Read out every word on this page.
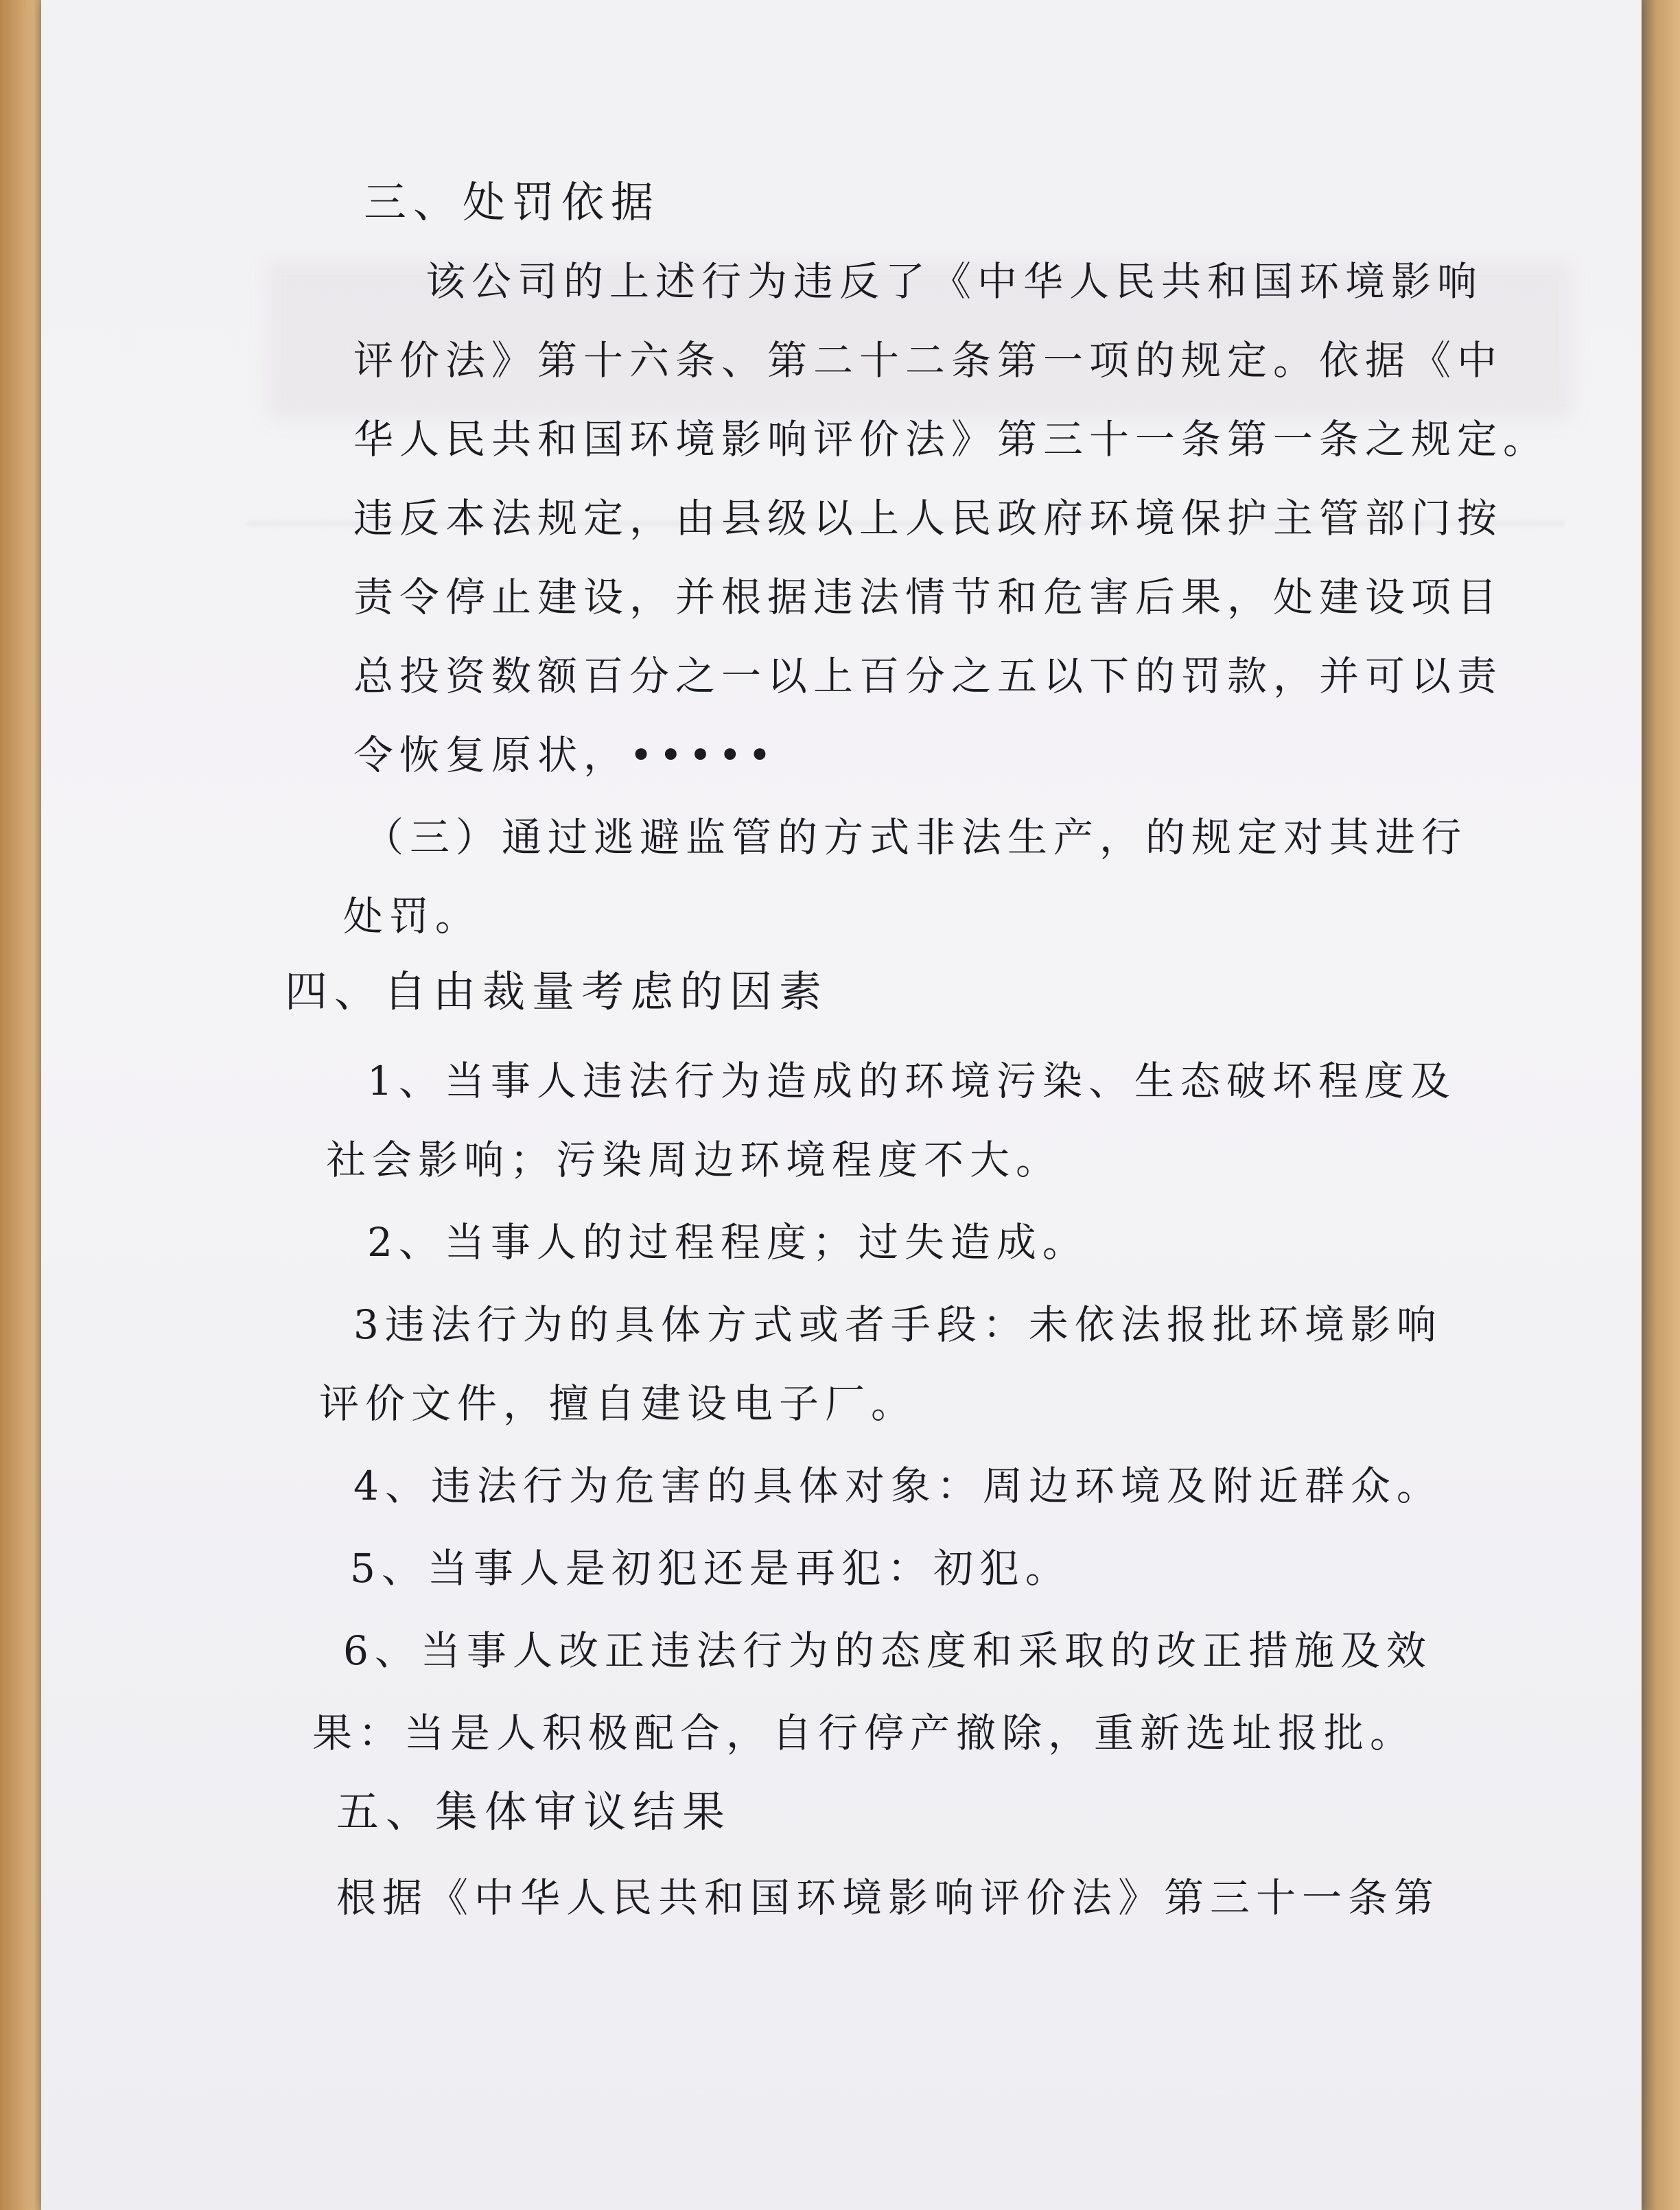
三、处罚依据
该公司的上述行为违反了《中华人民共和国环境影响
评价法》第十六条、第二十二条第一项的规定。依据《中
华人民共和国环境影响评价法》第三十一条第一条之规定。
违反本法规定，由县级以上人民政府环境保护主管部门按
责令停止建设，并根据违法情节和危害后果，处建设项目
总投资数额百分之一以上百分之五以下的罚款，并可以责
令恢复原状，•••••
（三）通过逃避监管的方式非法生产，的规定对其进行
处罚。
四、自由裁量考虑的因素
1、当事人违法行为造成的环境污染、生态破坏程度及
社会影响；污染周边环境程度不大。
2、当事人的过程程度；过失造成。
3违法行为的具体方式或者手段：未依法报批环境影响
评价文件，擅自建设电子厂。
4、违法行为危害的具体对象：周边环境及附近群众。
5、当事人是初犯还是再犯：初犯。
6、当事人改正违法行为的态度和采取的改正措施及效
果：当是人积极配合，自行停产撤除，重新选址报批。
五、集体审议结果
根据《中华人民共和国环境影响评价法》第三十一条第
